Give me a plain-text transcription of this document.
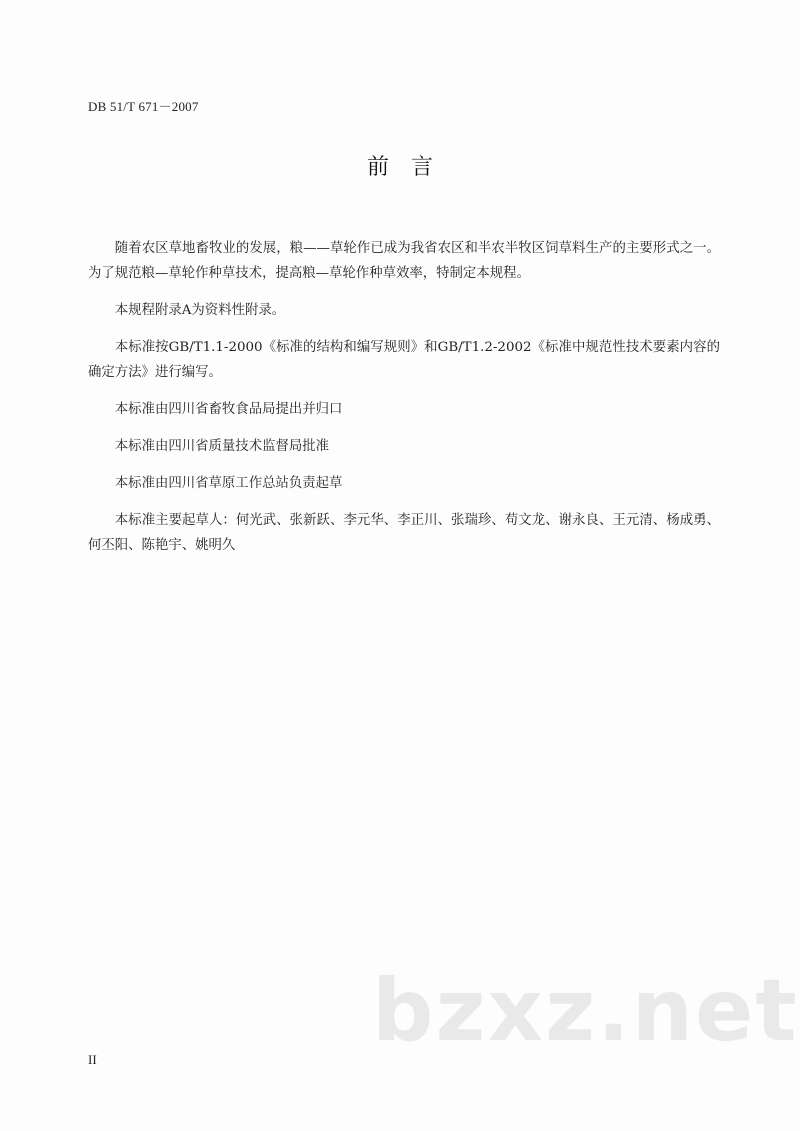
DB 51/T 671－2007
前言

随着农区草地畜牧业的发展，粮——草轮作已成为我省农区和半农半牧区饲草料生产的主要形式之一。为了规范粮—草轮作种草技术，提高粮—草轮作种草效率，特制定本规程。

本规程附录A为资料性附录。

本标准按GB/T1.1-2000《标准的结构和编写规则》和GB/T1.2-2002《标准中规范性技术要素内容的确定方法》进行编写。

本标准由四川省畜牧食品局提出并归口

本标准由四川省质量技术监督局批准

本标准由四川省草原工作总站负责起草

本标准主要起草人：何光武、张新跃、李元华、李正川、张瑞珍、苟文龙、谢永良、王元清、杨成勇、何丕阳、陈艳宇、姚明久

II	bzxz.net
